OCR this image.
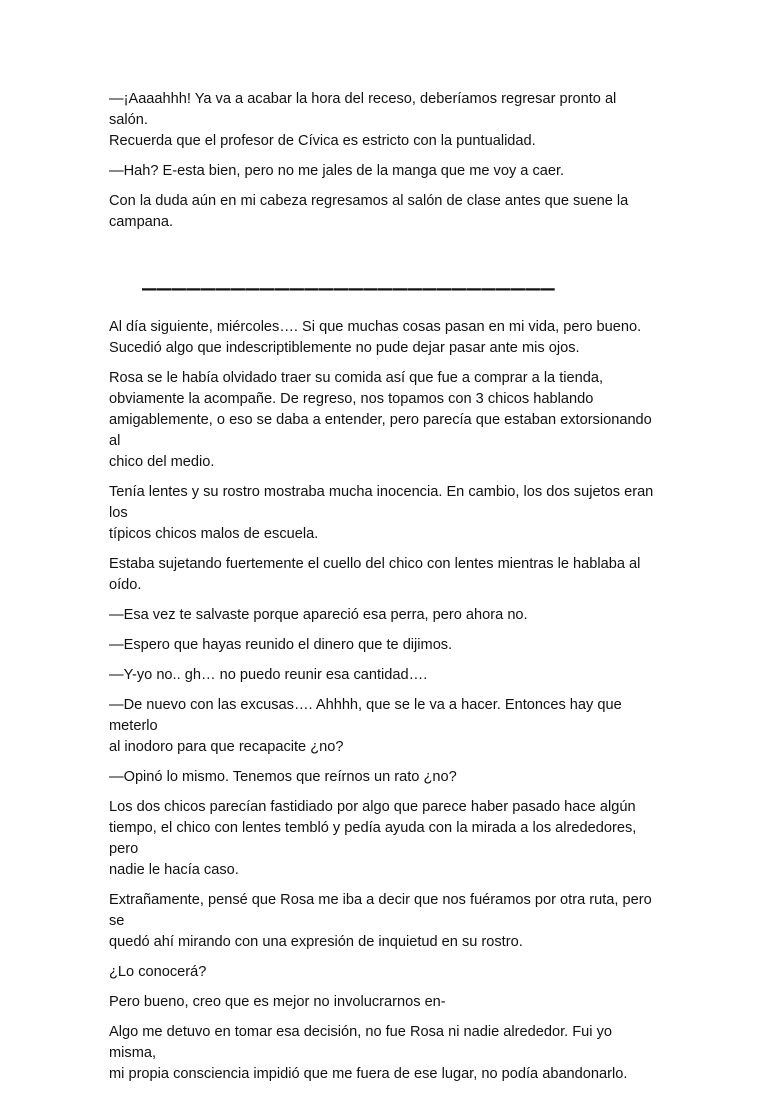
—¡Aaaahhh! Ya va a acabar la hora del receso, deberíamos regresar pronto al salón.
Recuerda que el profesor de Cívica es estricto con la puntualidad.

—Hah? E-esta bien, pero no me jales de la manga que me voy a caer.

Con la duda aún en mi cabeza regresamos al salón de clase antes que suene la
campana.

____________________________

Al día siguiente, miércoles…. Si que muchas cosas pasan en mi vida, pero bueno.
Sucedió algo que indescriptiblemente no pude dejar pasar ante mis ojos.

Rosa se le había olvidado traer su comida así que fue a comprar a la tienda,
obviamente la acompañe. De regreso, nos topamos con 3 chicos hablando
amigablemente, o eso se daba a entender, pero parecía que estaban extorsionando al
chico del medio.

Tenía lentes y su rostro mostraba mucha inocencia. En cambio, los dos sujetos eran los
típicos chicos malos de escuela.

Estaba sujetando fuertemente el cuello del chico con lentes mientras le hablaba al
oído.

—Esa vez te salvaste porque apareció esa perra, pero ahora no.

—Espero que hayas reunido el dinero que te dijimos.

—Y-yo no.. gh… no puedo reunir esa cantidad….

—De nuevo con las excusas…. Ahhhh, que se le va a hacer. Entonces hay que meterlo
al inodoro para que recapacite ¿no?

—Opinó lo mismo. Tenemos que reírnos un rato ¿no?

Los dos chicos parecían fastidiado por algo que parece haber pasado hace algún
tiempo, el chico con lentes tembló y pedía ayuda con la mirada a los alrededores, pero
nadie le hacía caso.

Extrañamente, pensé que Rosa me iba a decir que nos fuéramos por otra ruta, pero se
quedó ahí mirando con una expresión de inquietud en su rostro.

¿Lo conocerá?

Pero bueno, creo que es mejor no involucrarnos en-

Algo me detuvo en tomar esa decisión, no fue Rosa ni nadie alrededor. Fui yo misma,
mi propia consciencia impidió que me fuera de ese lugar, no podía abandonarlo.
